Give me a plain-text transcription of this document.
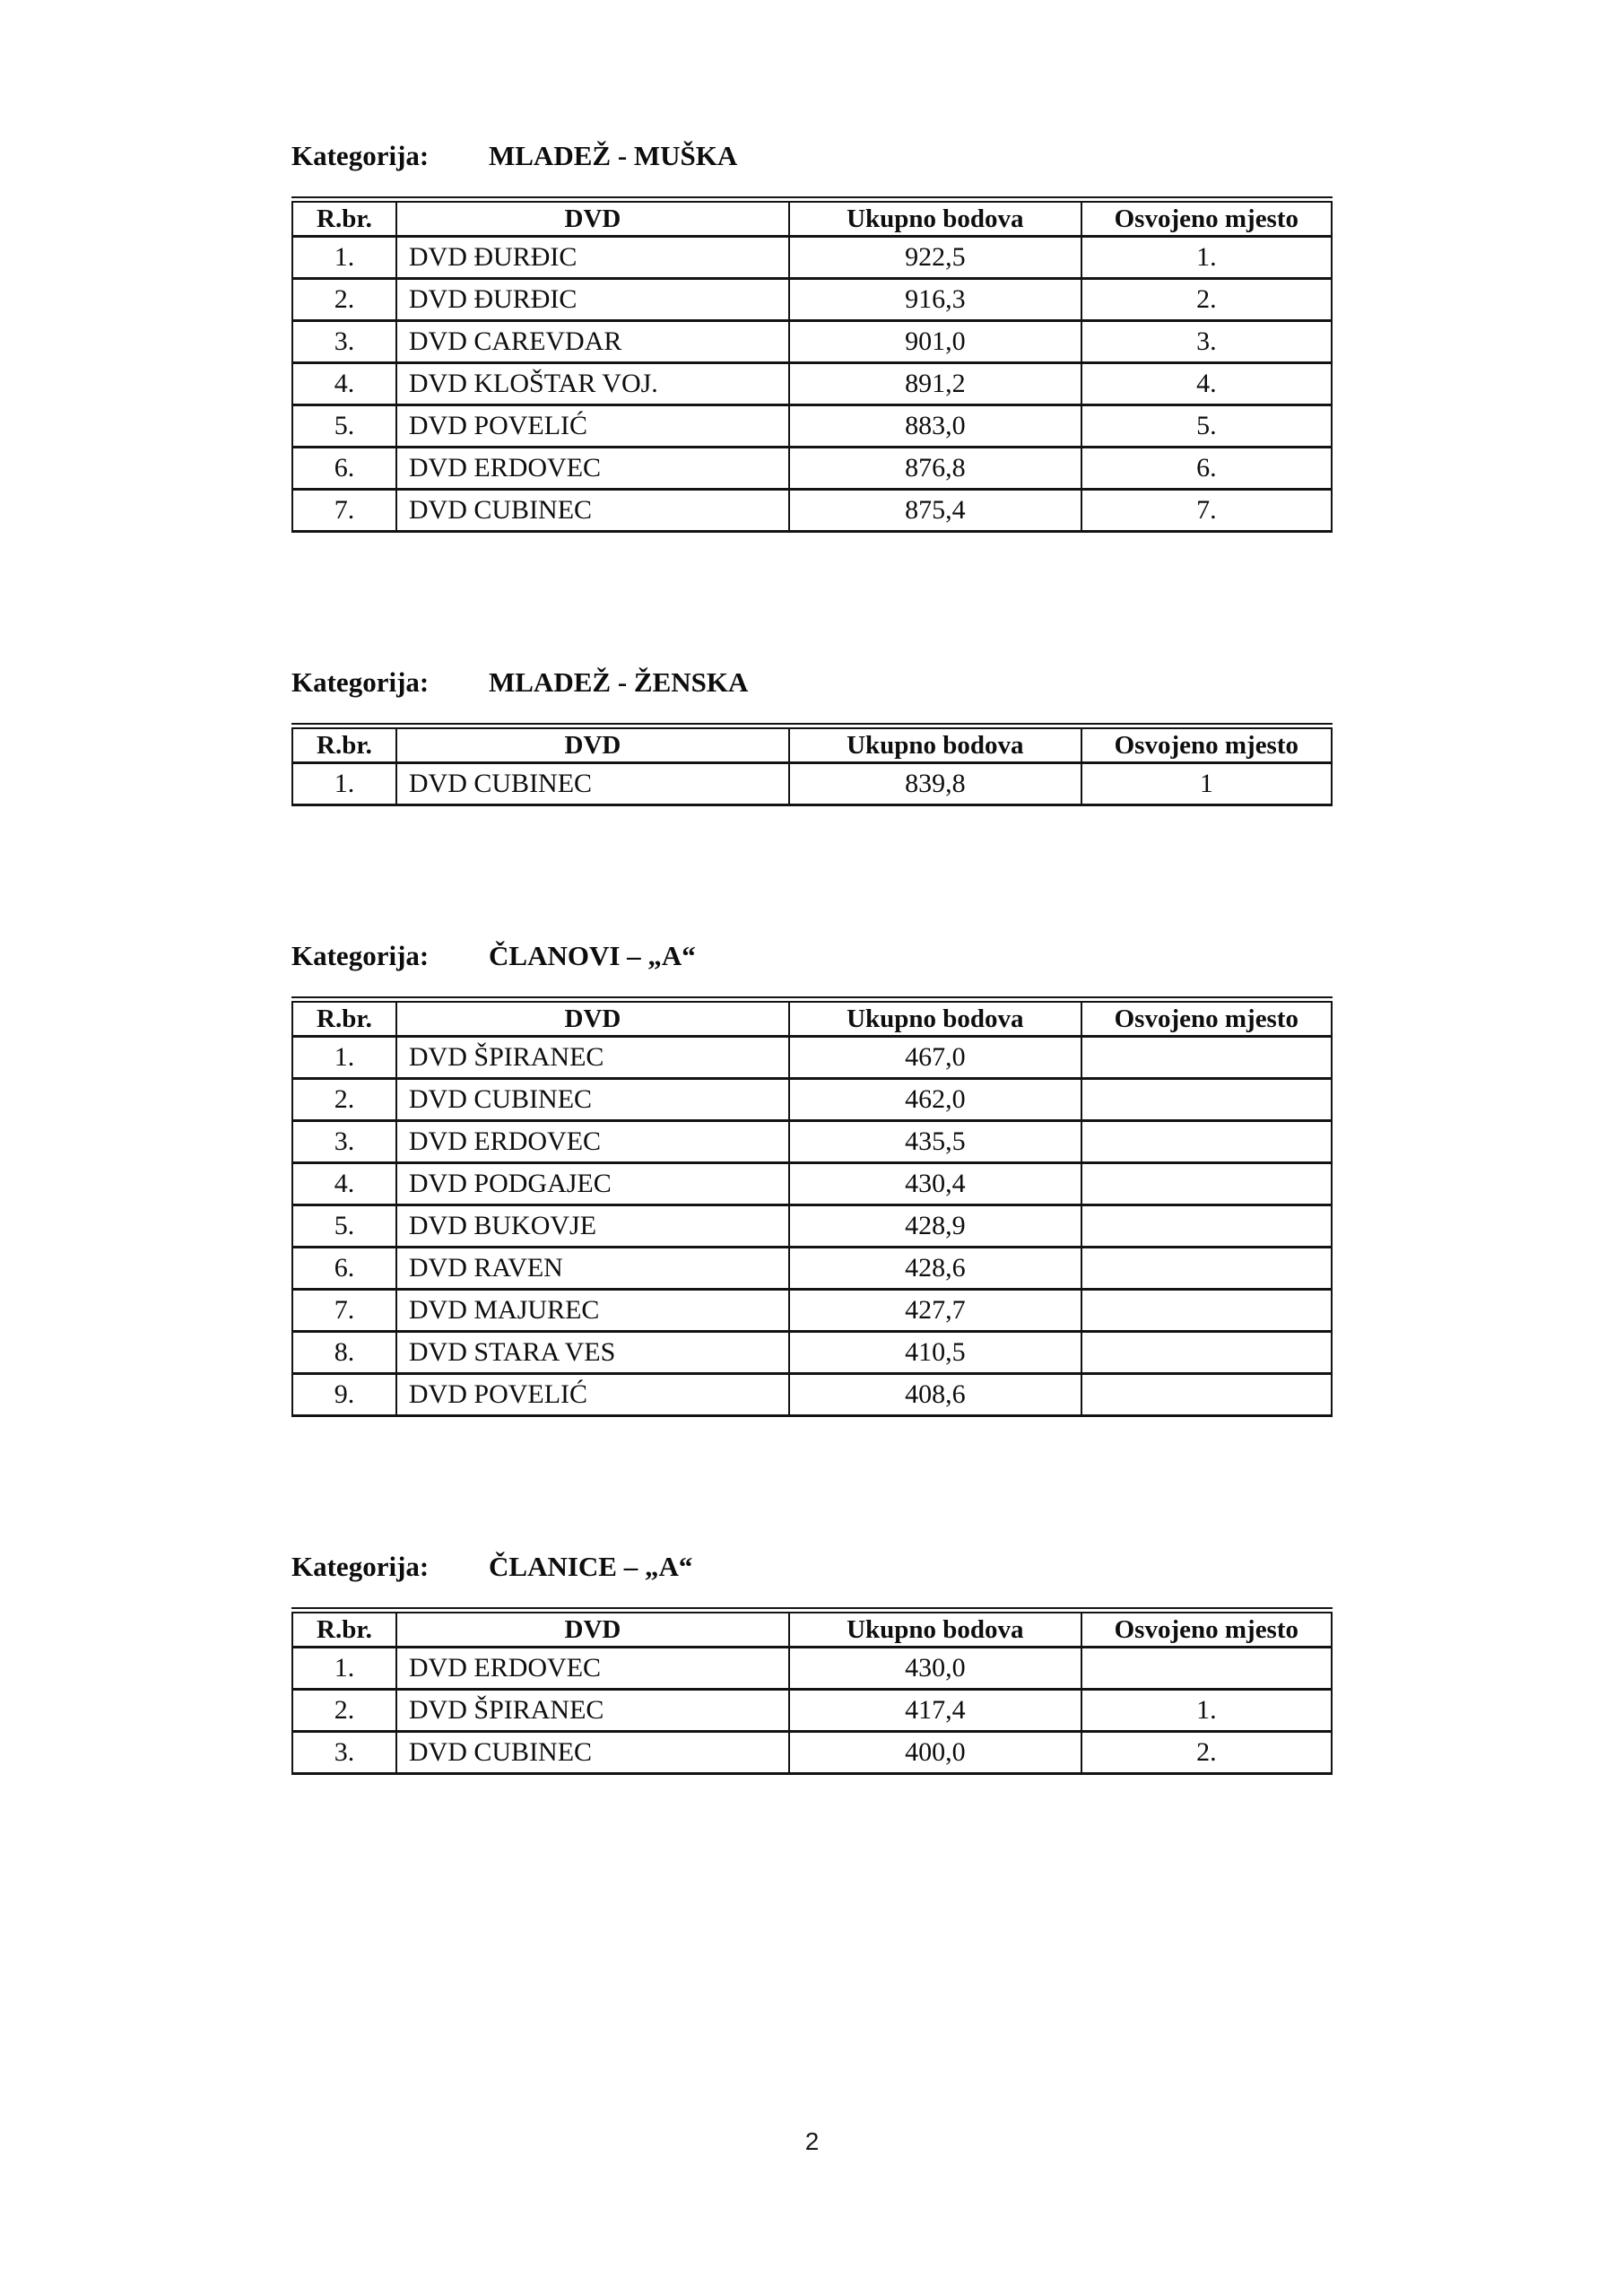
Kategorija: MLADEŽ - MUŠKA

R.br.	DVD	Ukupno bodova	Osvojeno mjesto
1.	DVD ĐURĐIC	922,5	1.
2.	DVD ĐURĐIC	916,3	2.
3.	DVD CAREVDAR	901,0	3.
4.	DVD KLOŠTAR VOJ.	891,2	4.
5.	DVD POVELIĆ	883,0	5.
6.	DVD ERDOVEC	876,8	6.
7.	DVD CUBINEC	875,4	7.

Kategorija: MLADEŽ - ŽENSKA

R.br.	DVD	Ukupno bodova	Osvojeno mjesto
1.	DVD CUBINEC	839,8	1

Kategorija: ČLANOVI – „A“

R.br.	DVD	Ukupno bodova	Osvojeno mjesto
1.	DVD ŠPIRANEC	467,0	
2.	DVD CUBINEC	462,0	
3.	DVD ERDOVEC	435,5	
4.	DVD PODGAJEC	430,4	
5.	DVD BUKOVJE	428,9	
6.	DVD RAVEN	428,6	
7.	DVD MAJUREC	427,7	
8.	DVD STARA VES	410,5	
9.	DVD POVELIĆ	408,6	

Kategorija: ČLANICE – „A“

R.br.	DVD	Ukupno bodova	Osvojeno mjesto
1.	DVD ERDOVEC	430,0	
2.	DVD ŠPIRANEC	417,4	1.
3.	DVD CUBINEC	400,0	2.
2
